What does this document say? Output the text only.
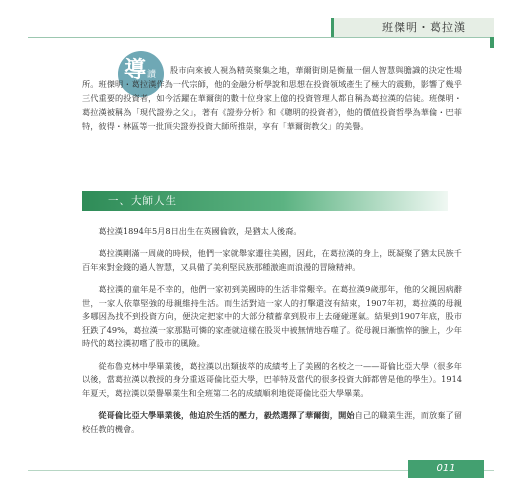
班傑明・葛拉漢
導 讀	股市向來被人視為精英聚集之地，華爾街則是衡量一個人智慧與膽識的決定性場所。班傑明・葛拉漢作為一代宗師，他的金融分析學說和思想在投資領域產生了極大的震動，影響了幾乎三代重要的投資者，如今活躍在華爾街的數十位身家上億的投資管理人都自稱為葛拉漢的信徒。班傑明・葛拉漢被稱為「現代證券之父」，著有《證券分析》和《聰明的投資者》，他的價值投資哲學為華倫・巴菲特，彼得・林區等一批頂尖證券投資大師所推崇，享有「華爾街教父」的美譽。

一、大師人生

葛拉漢1894年5月8日出生在英國倫敦，是猶太人後裔。

葛拉漢剛滿一周歲的時候，他們一家就舉家遷往美國，因此，在葛拉漢的身上，既凝聚了猶太民族千百年來對金錢的過人智慧，又具備了美利堅民族那種激進而浪漫的冒險精神。

葛拉漢的童年是不幸的，他們一家初到美國時的生活非常艱辛。在葛拉漢9歲那年，他的父親因病辭世，一家人依靠堅強的母親維持生活。而生活對這一家人的打擊還沒有結束，1907年初，葛拉漢的母親多哪因為找不到投資方向，便決定把家中的大部分積蓄拿到股市上去碰碰運氣。結果到1907年底，股市狂跌了49%，葛拉漢一家那點可憐的家產就這樣在股災中被無情地吞噬了。從母親日漸憔悴的臉上，少年時代的葛拉漢初嚐了股市的風險。

從布魯克林中學畢業後，葛拉漢以出類拔萃的成績考上了美國的名校之一——哥倫比亞大學（很多年以後，當葛拉漢以教授的身分重返哥倫比亞大學，巴菲特及當代的很多投資大師都曾是他的學生）。1914年夏天，葛拉漢以榮譽畢業生和全班第二名的成績順利地從哥倫比亞大學畢業。

從哥倫比亞大學畢業後，他迫於生活的壓力，毅然選擇了華爾街，開始自己的職業生涯，而放棄了留校任教的機會。

011
